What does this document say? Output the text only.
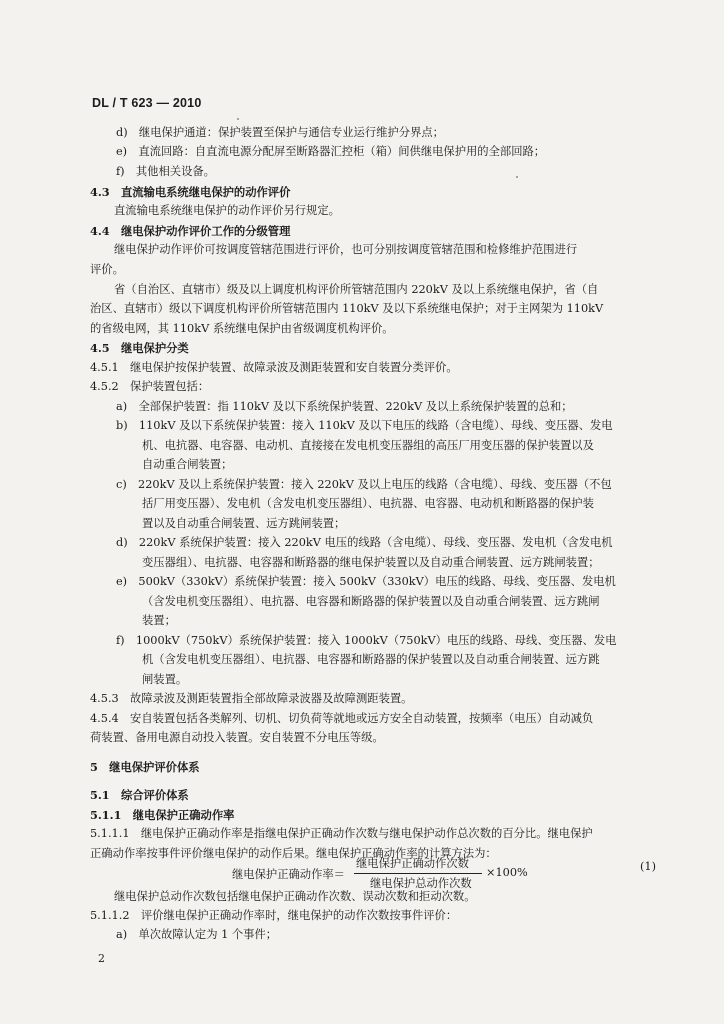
DL / T 623 — 2010
d)　继电保护通道：保护装置至保护与通信专业运行维护分界点；
e)　直流回路：自直流电源分配屏至断路器汇控柜（箱）间供继电保护用的全部回路；
f)　其他相关设备。
4.3　直流输电系统继电保护的动作评价
直流输电系统继电保护的动作评价另行规定。
4.4　继电保护动作评价工作的分级管理
继电保护动作评价可按调度管辖范围进行评价，也可分别按调度管辖范围和检修维护范围进行
评价。
省（自治区、直辖市）级及以上调度机构评价所管辖范围内 220kV 及以上系统继电保护，省（自
治区、直辖市）级以下调度机构评价所管辖范围内 110kV 及以下系统继电保护；对于主网架为 110kV
的省级电网，其 110kV 系统继电保护由省级调度机构评价。
4.5　继电保护分类
4.5.1　继电保护按保护装置、故障录波及测距装置和安自装置分类评价。
4.5.2　保护装置包括：
a)　全部保护装置：指 110kV 及以下系统保护装置、220kV 及以上系统保护装置的总和；
b)　110kV 及以下系统保护装置：接入 110kV 及以下电压的线路（含电缆）、母线、变压器、发电
机、电抗器、电容器、电动机、直接接在发电机变压器组的高压厂用变压器的保护装置以及
自动重合闸装置；
c)　220kV 及以上系统保护装置：接入 220kV 及以上电压的线路（含电缆）、母线、变压器（不包
括厂用变压器）、发电机（含发电机变压器组）、电抗器、电容器、电动机和断路器的保护装
置以及自动重合闸装置、远方跳闸装置；
d)　220kV 系统保护装置：接入 220kV 电压的线路（含电缆）、母线、变压器、发电机（含发电机
变压器组）、电抗器、电容器和断路器的继电保护装置以及自动重合闸装置、远方跳闸装置；
e)　500kV（330kV）系统保护装置：接入 500kV（330kV）电压的线路、母线、变压器、发电机
（含发电机变压器组）、电抗器、电容器和断路器的保护装置以及自动重合闸装置、远方跳闸
装置；
f)　1000kV（750kV）系统保护装置：接入 1000kV（750kV）电压的线路、母线、变压器、发电
机（含发电机变压器组）、电抗器、电容器和断路器的保护装置以及自动重合闸装置、远方跳
闸装置。
4.5.3　故障录波及测距装置指全部故障录波器及故障测距装置。
4.5.4　安自装置包括各类解列、切机、切负荷等就地或远方安全自动装置，按频率（电压）自动减负
荷装置、备用电源自动投入装置。安自装置不分电压等级。
5　继电保护评价体系
5.1　综合评价体系
5.1.1　继电保护正确动作率
5.1.1.1　继电保护正确动作率是指继电保护正确动作次数与继电保护动作总次数的百分比。继电保护
正确动作率按事件评价继电保护的动作后果。继电保护正确动作率的计算方法为：
继电保护正确动作率＝
继电保护正确动作次数
继电保护总动作次数
×100%	(1)
继电保护总动作次数包括继电保护正确动作次数、误动次数和拒动次数。
5.1.1.2　评价继电保护正确动作率时，继电保护的动作次数按事件评价：
a)　单次故障认定为 1 个事件；
2
